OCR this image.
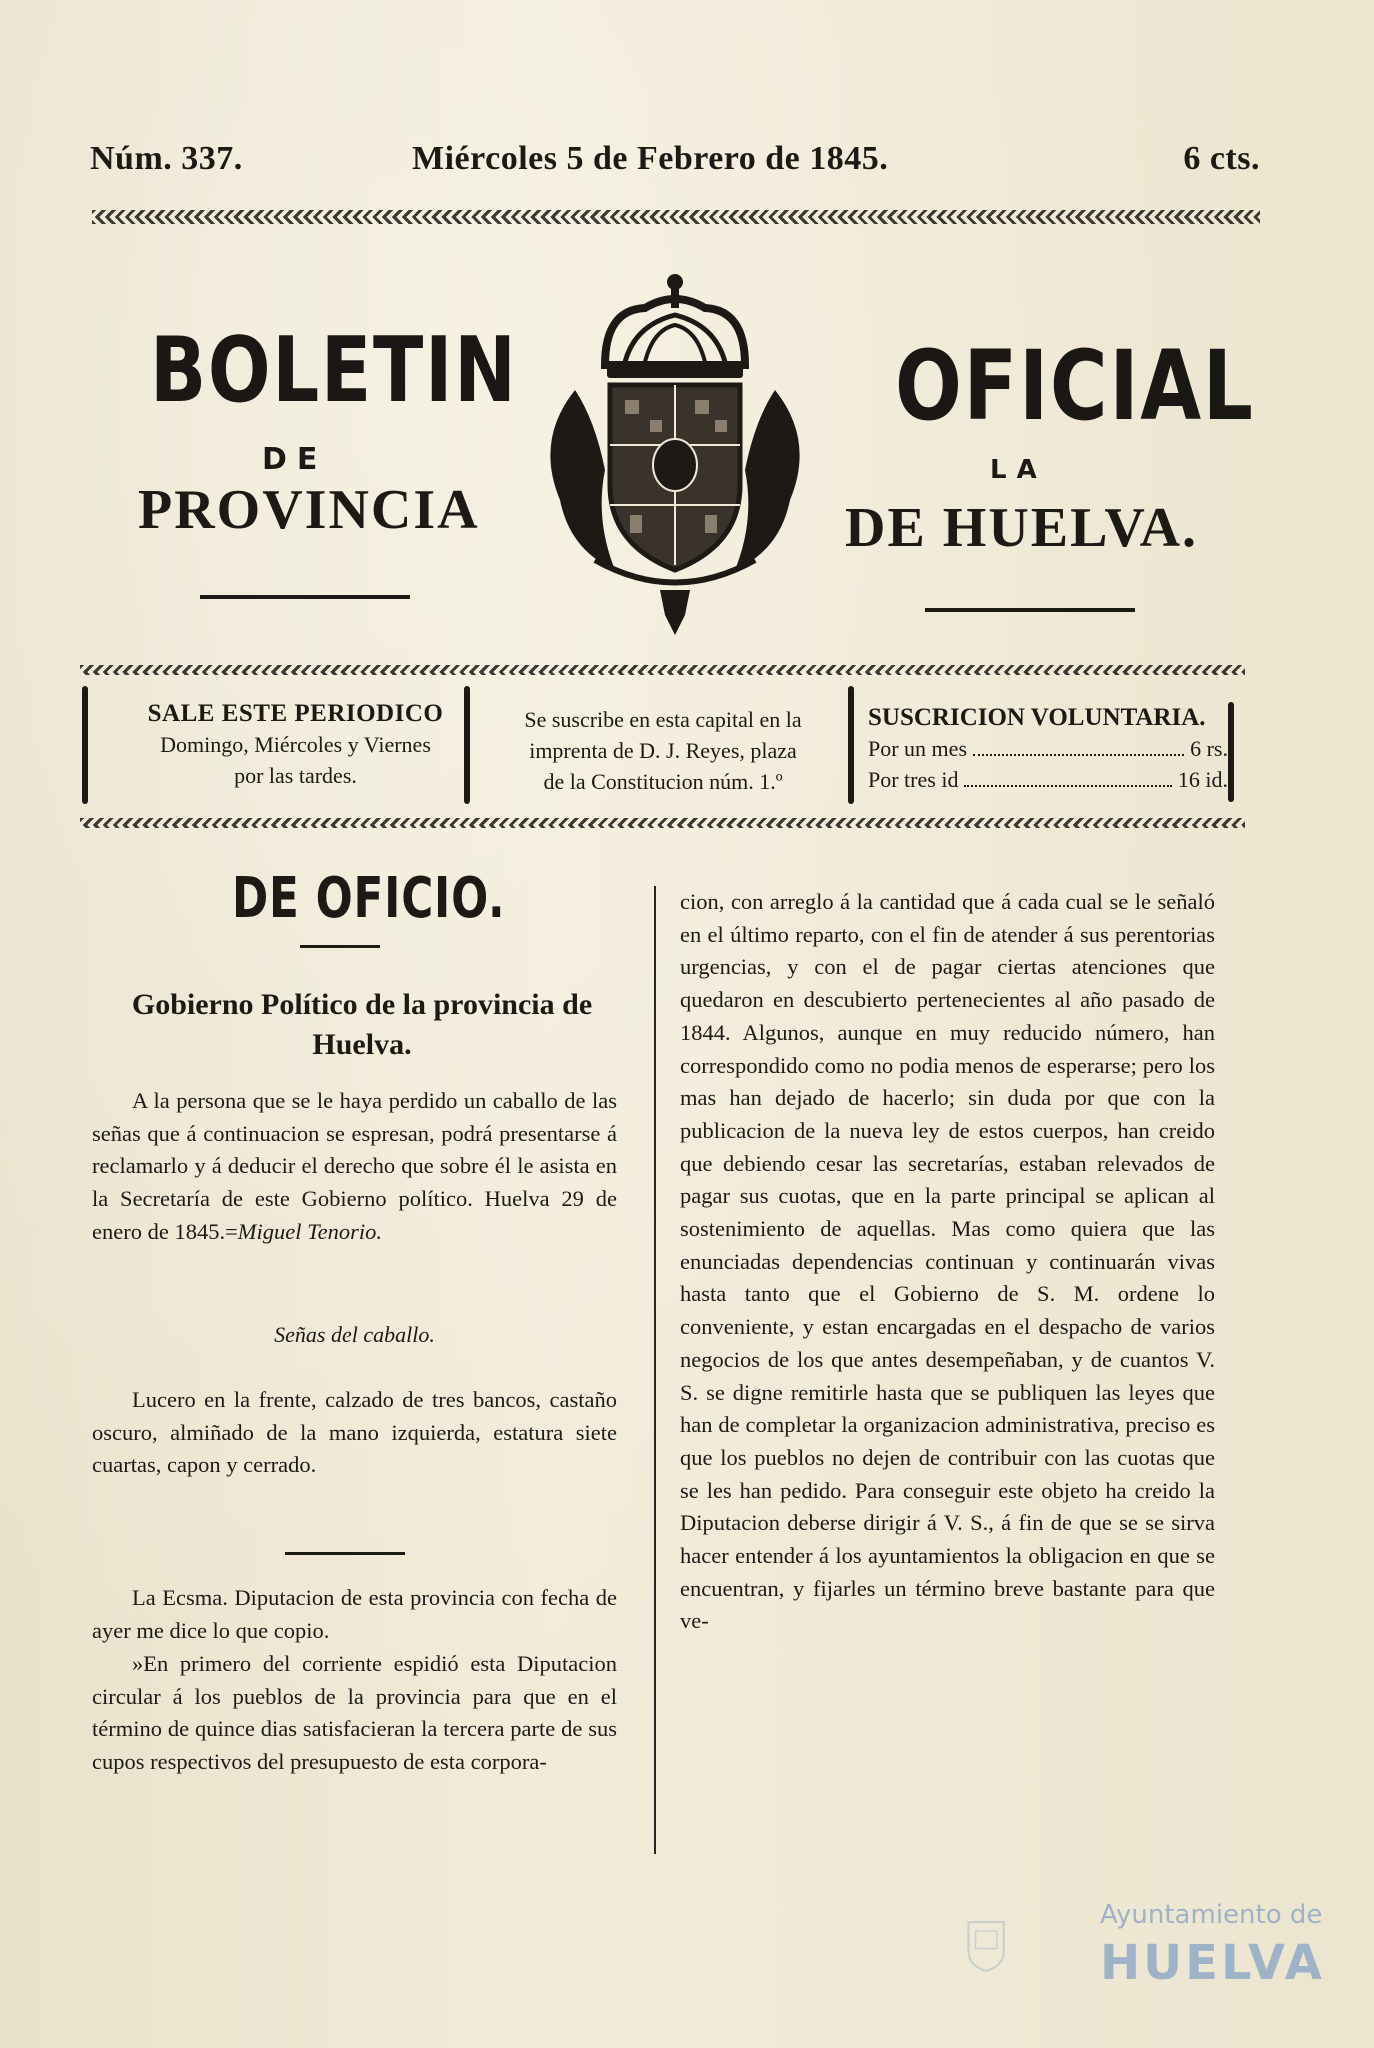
Núm. 337.	Miércoles 5 de Febrero de 1845.	6 cts.
BOLETIN	OFICIAL
DE	LA
PROVINCIA	DE HUELVA.
SALE ESTE PERIODICO
Domingo, Miércoles y Viernes
por las tardes.
Se suscribe en esta capital en la
imprenta de D. J. Reyes, plaza
de la Constitucion núm. 1.º
SUSCRICION VOLUNTARIA.
Por un mes	6 rs.
Por tres id	16 id.
DE OFICIO.
Gobierno Político de la provincia de Huelva.
A la persona que se le haya perdido un caballo de las señas que á continuacion se espresan, podrá presentarse á reclamarlo y á deducir el derecho que sobre él le asista en la Secretaría de este Gobierno político. Huelva 29 de enero de 1845.=Miguel Tenorio.
Señas del caballo.
Lucero en la frente, calzado de tres bancos, castaño oscuro, almiñado de la mano izquierda, estatura siete cuartas, capon y cerrado.
La Ecsma. Diputacion de esta provincia con fecha de ayer me dice lo que copio.
»En primero del corriente espidió esta Diputacion circular á los pueblos de la provincia para que en el término de quince dias satisfacieran la tercera parte de sus cupos respectivos del presupuesto de esta corpora-
cion, con arreglo á la cantidad que á cada cual se le señaló en el último reparto, con el fin de atender á sus perentorias urgencias, y con el de pagar ciertas atenciones que quedaron en descubierto pertenecientes al año pasado de 1844. Algunos, aunque en muy reducido número, han correspondido como no podia menos de esperarse; pero los mas han dejado de hacerlo; sin duda por que con la publicacion de la nueva ley de estos cuerpos, han creido que debiendo cesar las secretarías, estaban relevados de pagar sus cuotas, que en la parte principal se aplican al sostenimiento de aquellas. Mas como quiera que las enunciadas dependencias continuan y continuarán vivas hasta tanto que el Gobierno de S. M. ordene lo conveniente, y estan encargadas en el despacho de varios negocios de los que antes desempeñaban, y de cuantos V. S. se digne remitirle hasta que se publiquen las leyes que han de completar la organizacion administrativa, preciso es que los pueblos no dejen de contribuir con las cuotas que se les han pedido. Para conseguir este objeto ha creido la Diputacion deberse dirigir á V. S., á fin de que se se sirva hacer entender á los ayuntamientos la obligacion en que se encuentran, y fijarles un término breve bastante para que ve-
Ayuntamiento de
HUELVA
